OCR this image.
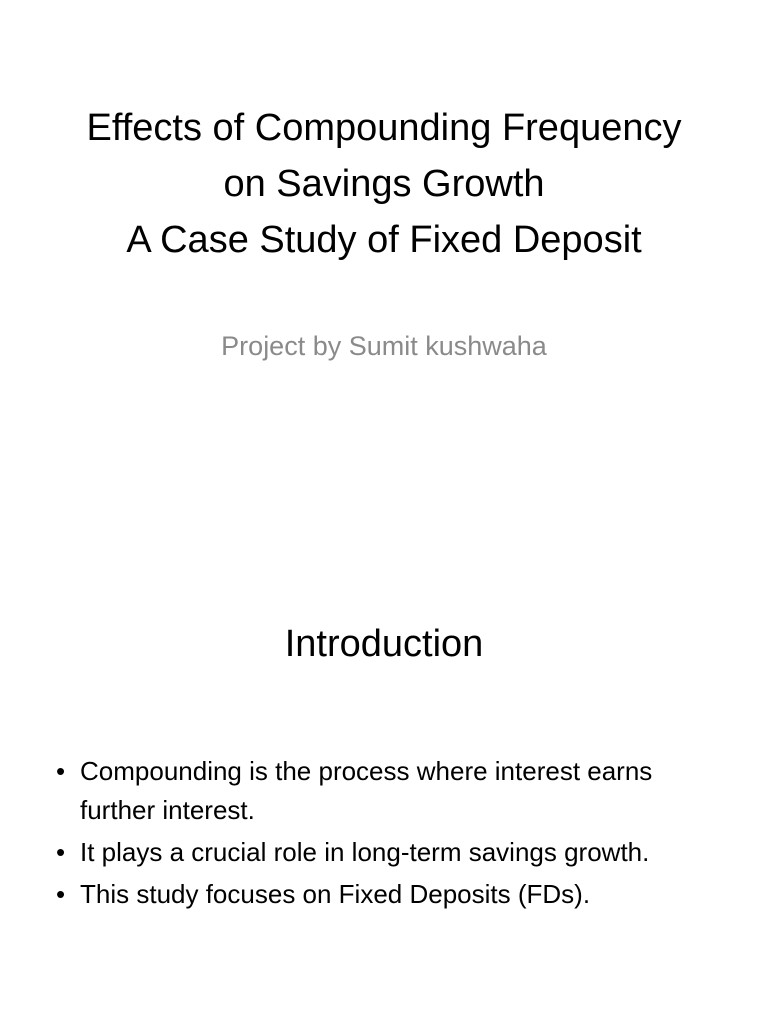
Effects of Compounding Frequency
on Savings Growth
A Case Study of Fixed Deposit
Project by Sumit kushwaha
Introduction
• Compounding is the process where interest earns further interest.
• It plays a crucial role in long-term savings growth.
• This study focuses on Fixed Deposits (FDs).
